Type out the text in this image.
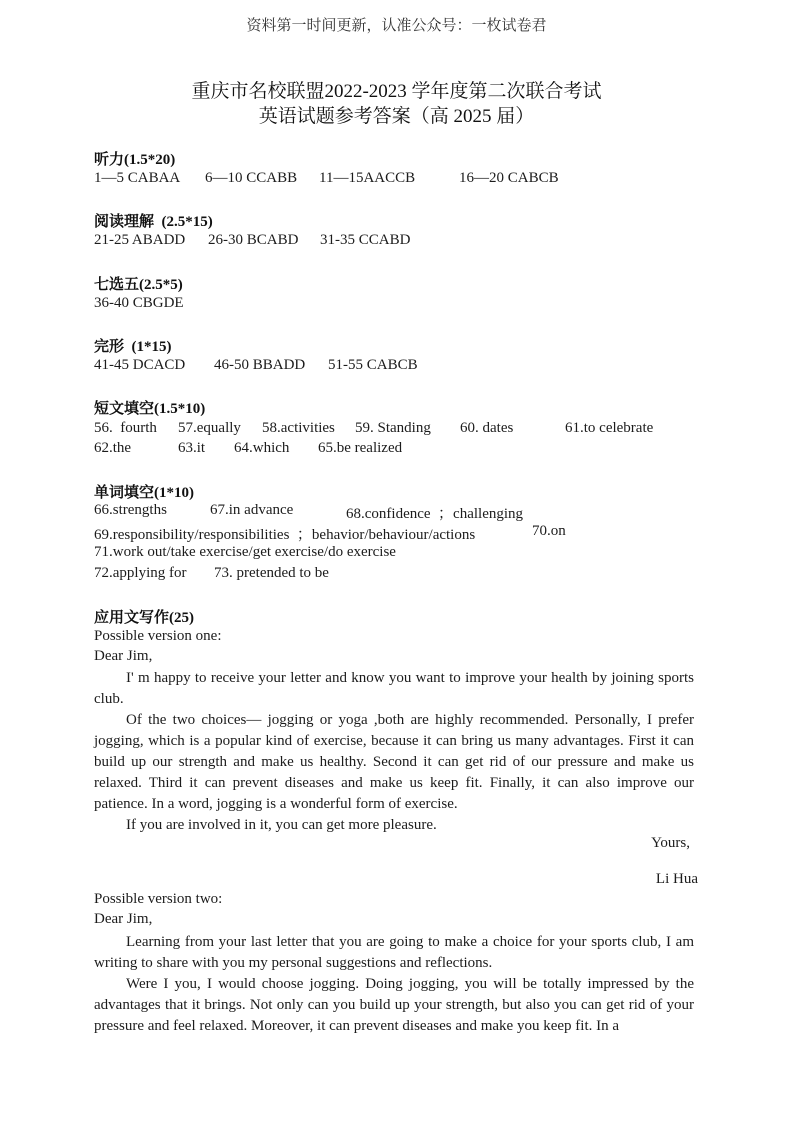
资料第一时间更新，认准公众号：一枚试卷君
重庆市名校联盟2022-2023 学年度第二次联合考试
英语试题参考答案（高 2025 届）
听力(1.5*20)
1—5 CABAA 6—10 CCABB 11—15AACCB	16—20 CABCB
阅读理解  (2.5*15)
21-25 ABADD 26-30 BCABD 31-35 CCABD
七选五(2.5*5)
36-40 CBGDE
完形  (1*15)
41-45 DCACD 46-50 BBADD 51-55 CABCB
短文填空(1.5*10)
56.  fourth 57.equally 58.activities 59. Standing 60. dates	61.to celebrate
62.the	63.it 64.which 65.be realized
单词填空(1*10)
66.strengths	67.in advance	68.confidence  ；challenging
69.responsibility/responsibilities  ；behavior/behaviour/actions	70.on
71.work out/take exercise/get exercise/do exercise
72.applying for 73. pretended to be
应用文写作(25)
Possible version one:
Dear Jim,
I' m happy to receive your letter and know you want to improve your health by joining sports club.
Of the two choices— jogging or yoga ,both are highly recommended. Personally, I prefer jogging, which is a popular kind of exercise, because it can bring us many advantages. First it can build up our strength and make us healthy. Second it can get rid of our pressure and make us relaxed. Third it can prevent diseases and make us keep fit. Finally, it can also improve our patience. In a word, jogging is a wonderful form of exercise.
If you are involved in it, you can get more pleasure.
Yours,
Li Hua
Possible version two:
Dear Jim,
Learning from your last letter that you are going to make a choice for your sports club, I am writing to share with you my personal suggestions and reflections.
Were I you, I would choose jogging. Doing jogging, you will be totally impressed by the advantages that it brings. Not only can you build up your strength, but also you can get rid of your pressure and feel relaxed. Moreover, it can prevent diseases and make you keep fit. In a
